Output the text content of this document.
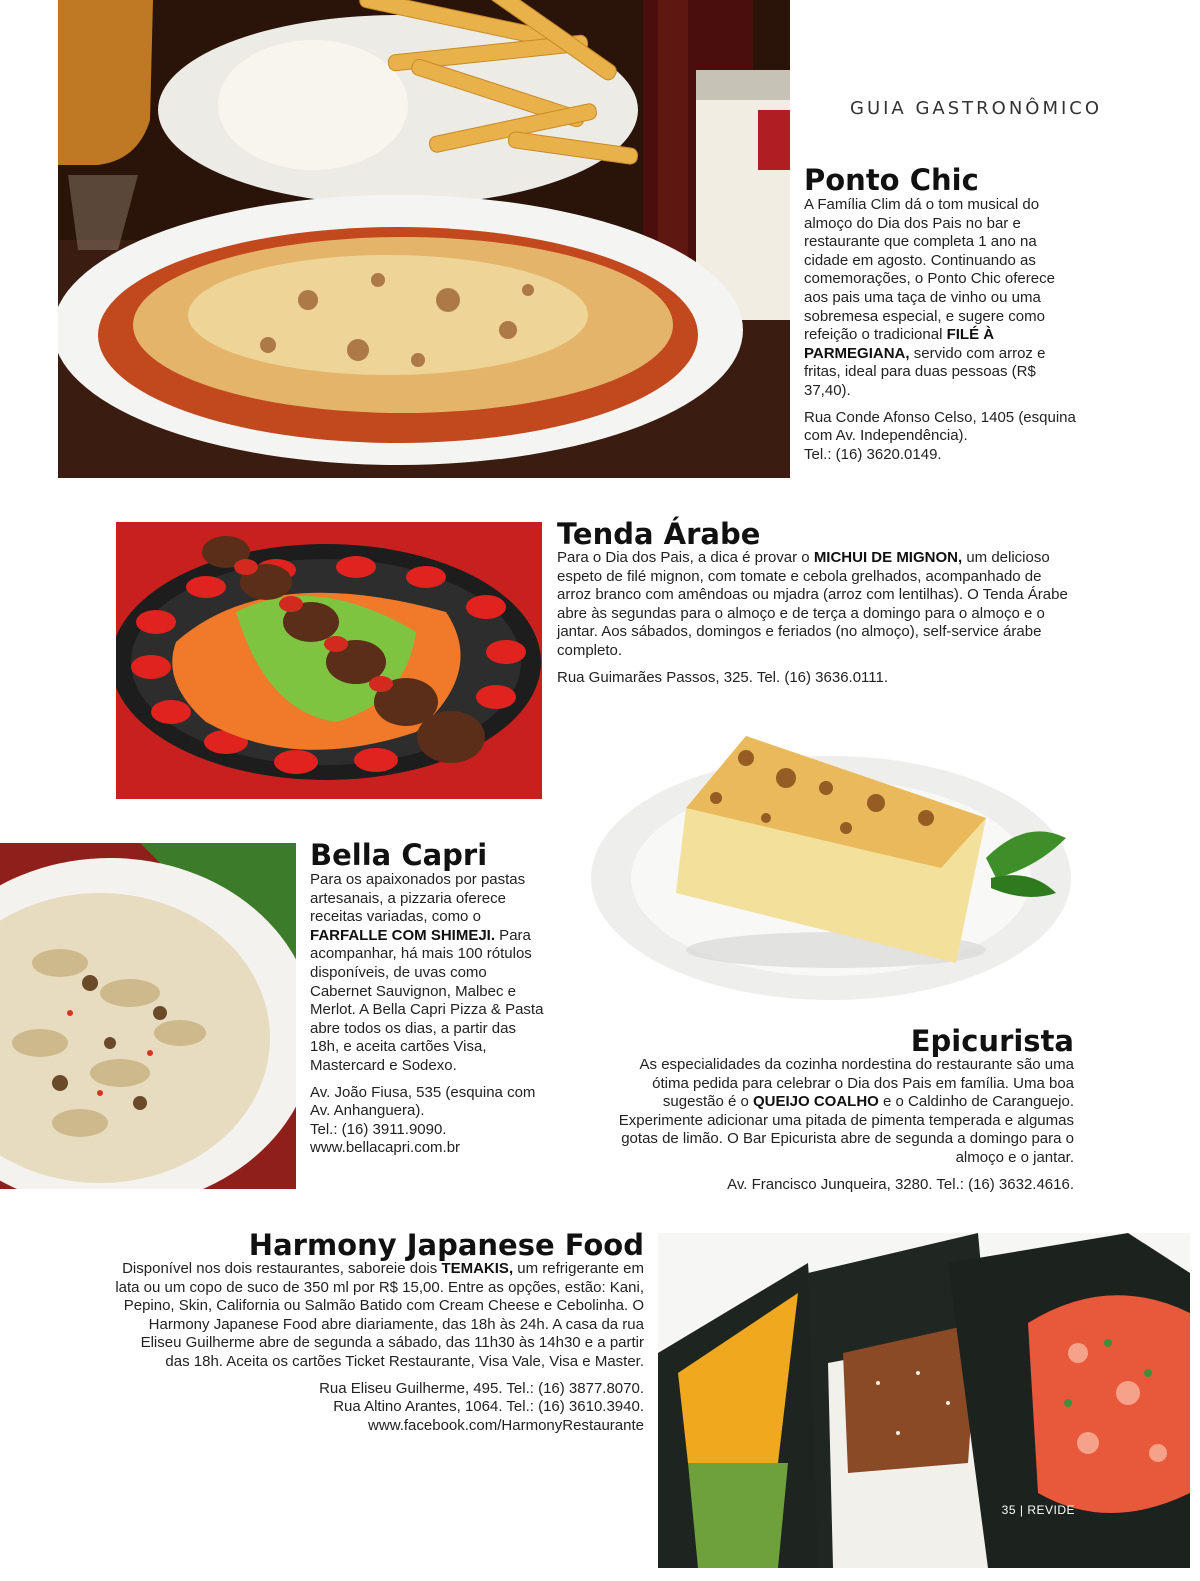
GUIA GASTRONÔMICO
Ponto Chic

A Família Clim dá o tom musical do almoço do Dia dos Pais no bar e restaurante que completa 1 ano na cidade em agosto. Continuando as comemorações, o Ponto Chic oferece aos pais uma taça de vinho ou uma sobremesa especial, e sugere como refeição o tradicional FILÉ À PARMEGIANA, servido com arroz e fritas, ideal para duas pessoas (R$ 37,40).

Rua Conde Afonso Celso, 1405 (esquina com Av. Independência).
Tel.: (16) 3620.0149.

Tenda Árabe

Para o Dia dos Pais, a dica é provar o MICHUI DE MIGNON, um delicioso espeto de filé mignon, com tomate e cebola grelhados, acompanhado de arroz branco com amêndoas ou mjadra (arroz com lentilhas). O Tenda Árabe abre às segundas para o almoço e de terça a domingo para o almoço e o jantar. Aos sábados, domingos e feriados (no almoço), self-service árabe completo.

Rua Guimarães Passos, 325. Tel. (16) 3636.0111.

Bella Capri

Para os apaixonados por pastas artesanais, a pizzaria oferece receitas variadas, como o FARFALLE COM SHIMEJI. Para acompanhar, há mais 100 rótulos disponíveis, de uvas como Cabernet Sauvignon, Malbec e Merlot. A Bella Capri Pizza & Pasta abre todos os dias, a partir das 18h, e aceita cartões Visa, Mastercard e Sodexo.

Av. João Fiusa, 535 (esquina com Av. Anhanguera).
Tel.: (16) 3911.9090.
www.bellacapri.com.br

Epicurista

As especialidades da cozinha nordestina do restaurante são uma ótima pedida para celebrar o Dia dos Pais em família. Uma boa sugestão é o QUEIJO COALHO e o Caldinho de Caranguejo. Experimente adicionar uma pitada de pimenta temperada e algumas gotas de limão. O Bar Epicurista abre de segunda a domingo para o almoço e o jantar.

Av. Francisco Junqueira, 3280. Tel.: (16) 3632.4616.

Harmony Japanese Food

Disponível nos dois restaurantes, saboreie dois TEMAKIS, um refrigerante em lata ou um copo de suco de 350 ml por R$ 15,00. Entre as opções, estão: Kani, Pepino, Skin, California ou Salmão Batido com Cream Cheese e Cebolinha. O Harmony Japanese Food abre diariamente, das 18h às 24h. A casa da rua Eliseu Guilherme abre de segunda a sábado, das 11h30 às 14h30 e a partir das 18h. Aceita os cartões Ticket Restaurante, Visa Vale, Visa e Master.

Rua Eliseu Guilherme, 495. Tel.: (16) 3877.8070.
Rua Altino Arantes, 1064. Tel.: (16) 3610.3940.
www.facebook.com/HarmonyRestaurante

35 | REVIDE
